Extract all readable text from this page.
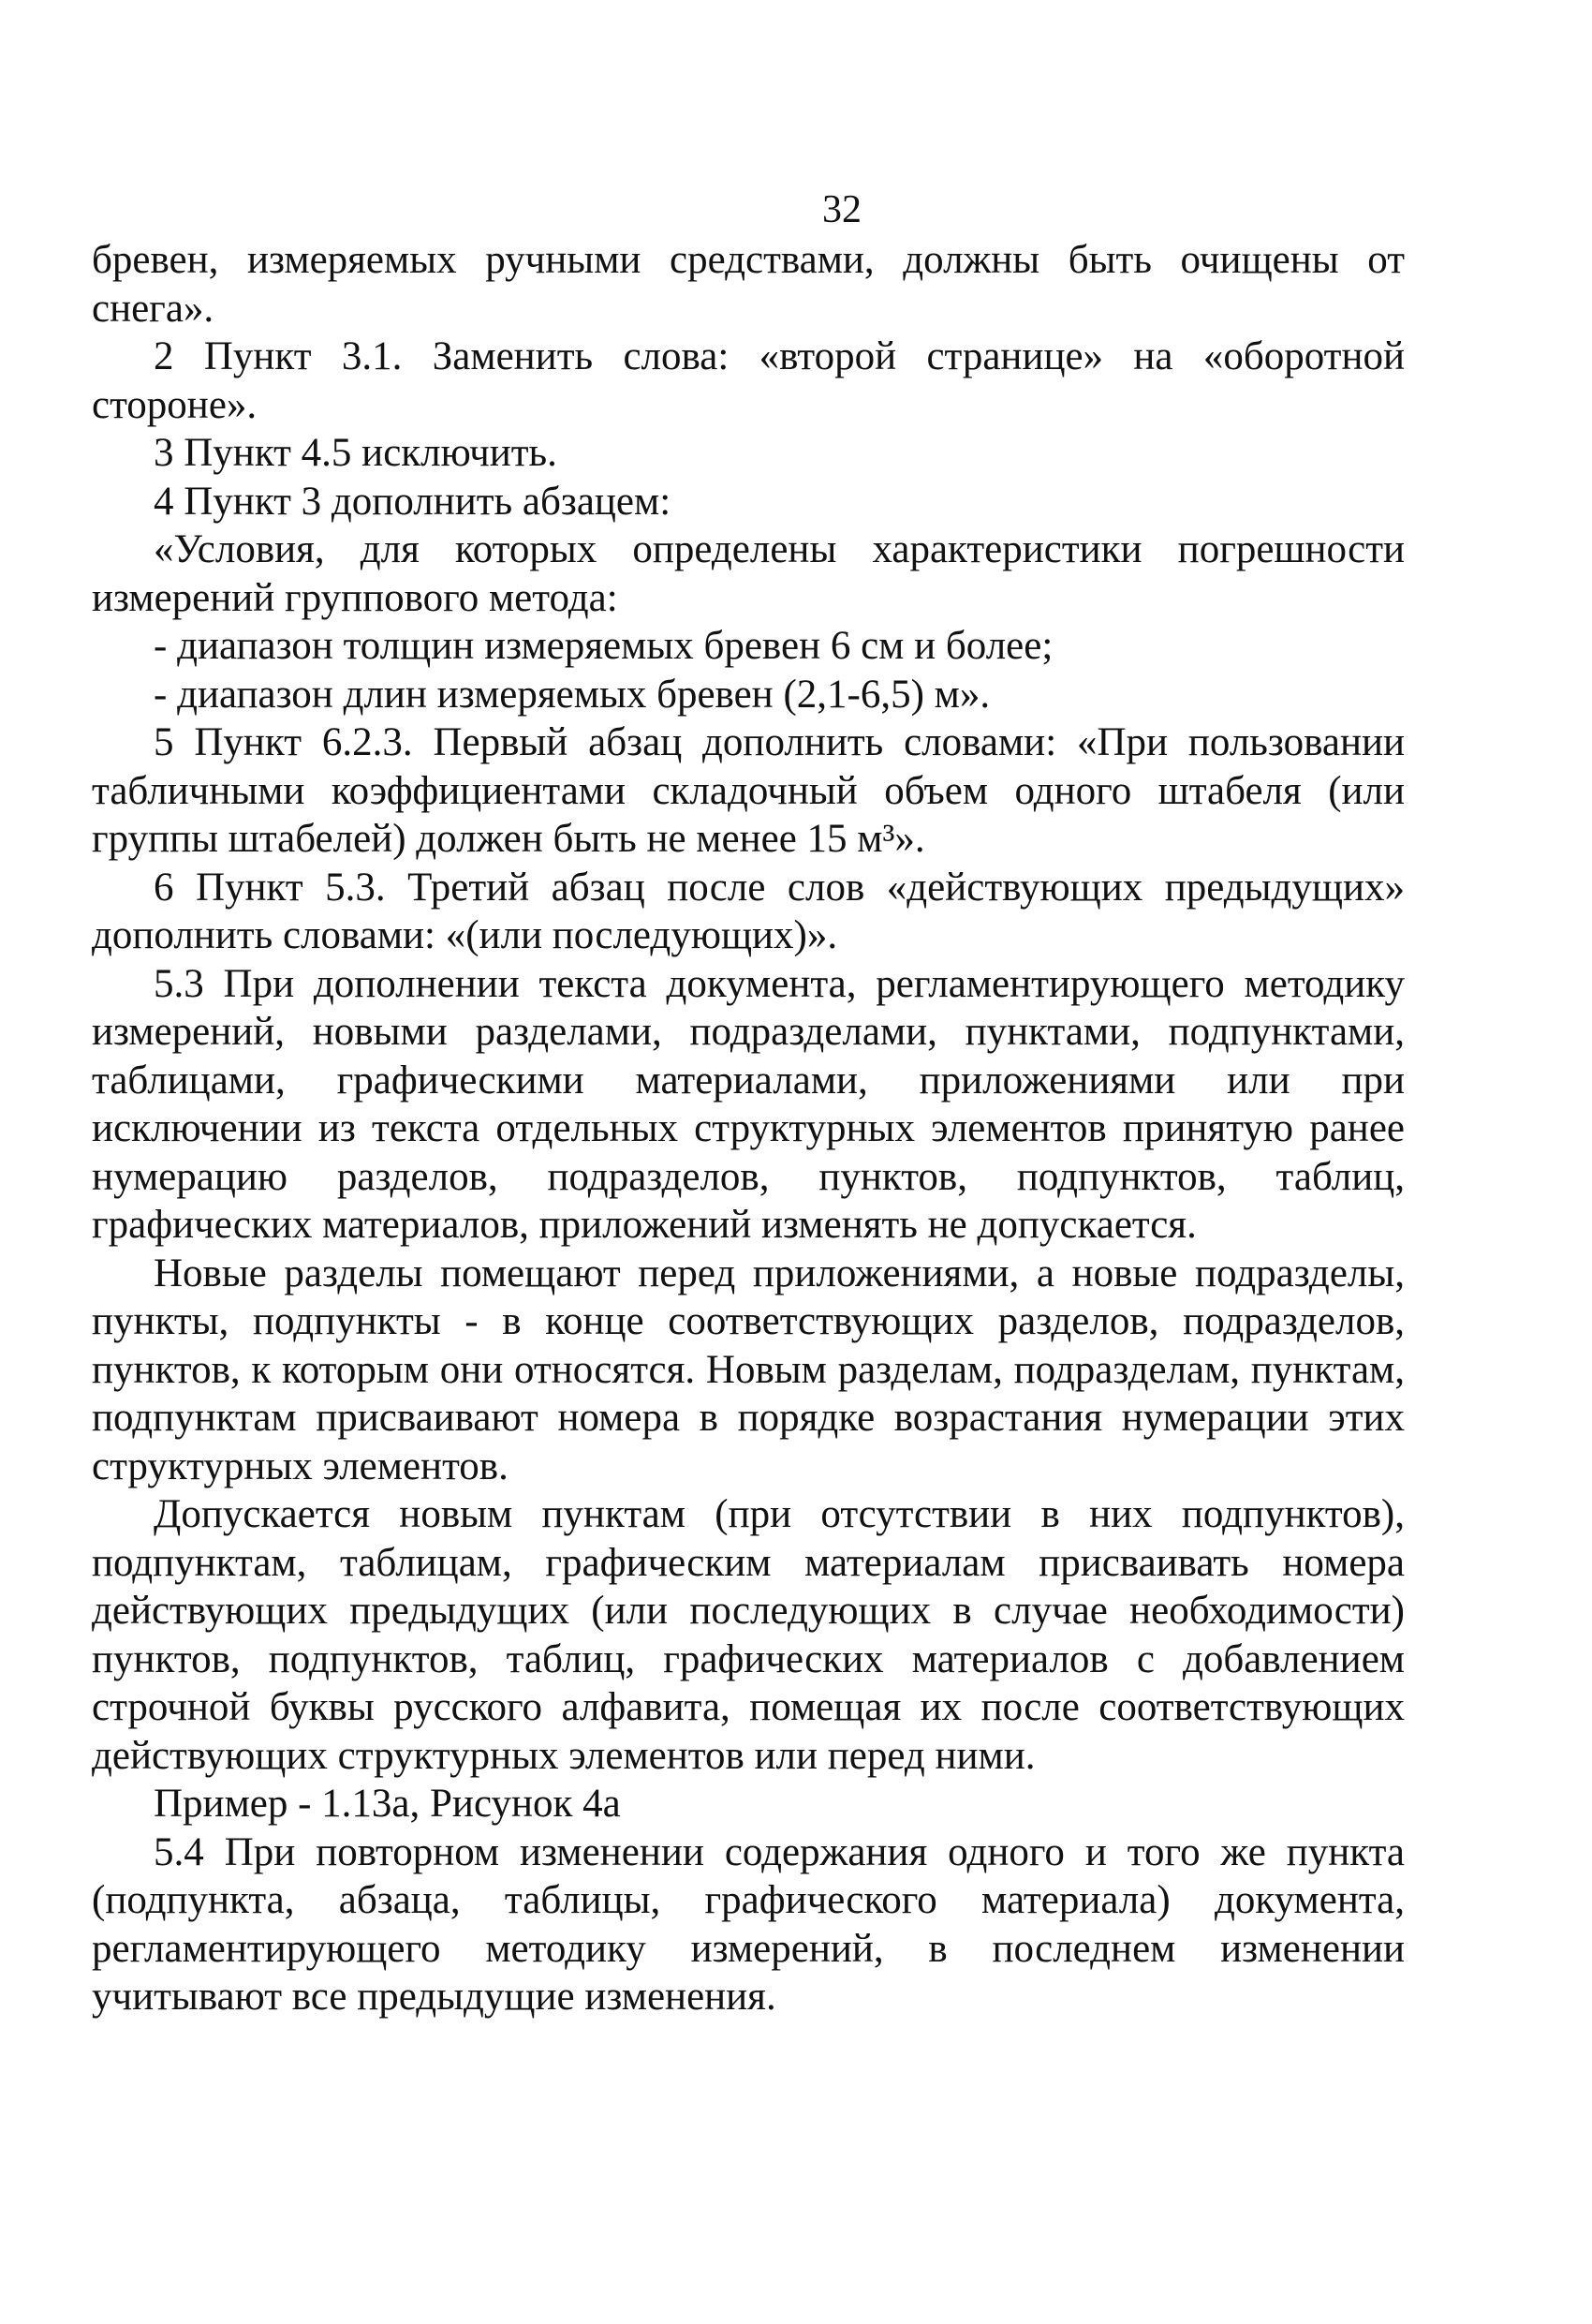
32

бревен, измеряемых ручными средствами, должны быть очищены от снега».

2 Пункт 3.1. Заменить слова: «второй странице» на «оборотной стороне».

3 Пункт 4.5 исключить.

4 Пункт 3 дополнить абзацем:

«Условия, для которых определены характеристики погрешности измерений группового метода:

- диапазон толщин измеряемых бревен 6 см и более;

- диапазон длин измеряемых бревен (2,1-6,5) м».

5 Пункт 6.2.3. Первый абзац дополнить словами: «При пользовании табличными коэффициентами складочный объем одного штабеля (или группы штабелей) должен быть не менее 15 м³».

6 Пункт 5.3. Третий абзац после слов «действующих предыдущих» дополнить словами: «(или последующих)».

5.3 При дополнении текста документа, регламентирующего методику измерений, новыми разделами, подразделами, пунктами, подпунктами, таблицами, графическими материалами, приложениями или при исключении из текста отдельных структурных элементов принятую ранее нумерацию разделов, подразделов, пунктов, подпунктов, таблиц, графических материалов, приложений изменять не допускается.

Новые разделы помещают перед приложениями, а новые подразделы, пункты, подпункты - в конце соответствующих разделов, подразделов, пунктов, к которым они относятся. Новым разделам, подразделам, пунктам, подпунктам присваивают номера в порядке возрастания нумерации этих структурных элементов.

Допускается новым пунктам (при отсутствии в них подпунктов), подпунктам, таблицам, графическим материалам присваивать номера действующих предыдущих (или последующих в случае необходимости) пунктов, подпунктов, таблиц, графических материалов с добавлением строчной буквы русского алфавита, помещая их после соответствующих действующих структурных элементов или перед ними.

Пример - 1.13а, Рисунок 4а

5.4 При повторном изменении содержания одного и того же пункта (подпункта, абзаца, таблицы, графического материала) документа, регламентирующего методику измерений, в последнем изменении учитывают все предыдущие изменения.
